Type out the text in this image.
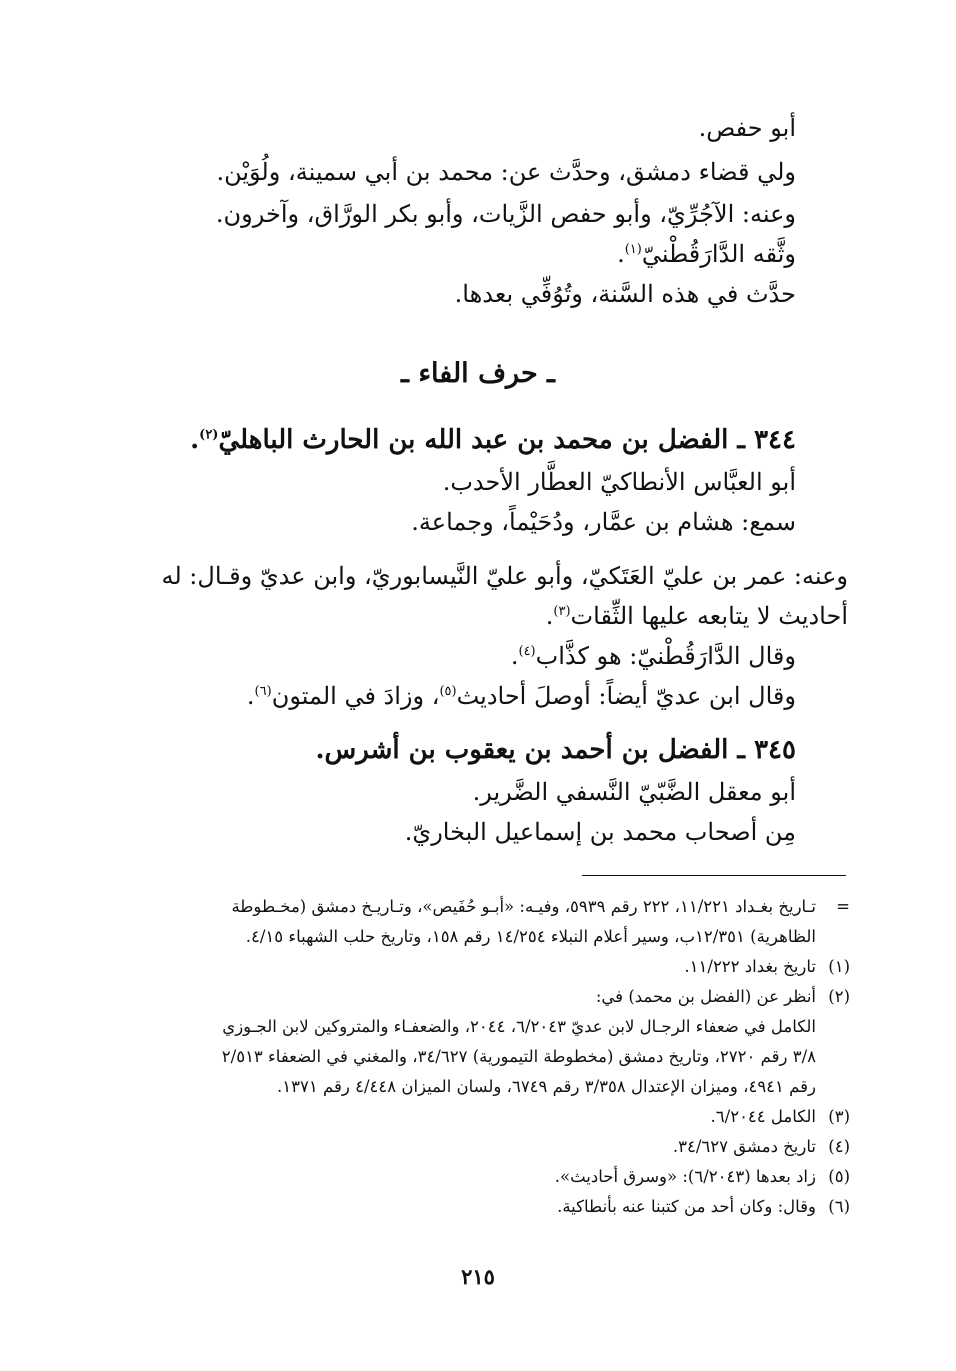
أبو حفص.
ولي قضاء دمشق، وحدَّث عن: محمد بن أبي سمينة، ولُوَيْن.
وعنه: الآجُرِّيّ، وأبو حفص الزَّيات، وأبو بكر الورَّاق، وآخرون.
وثَّقه الدَّارَقُطْنيّ$^{(١)}$.
حدَّث في هذه السَّنة، وتُوُفِّي بعدها.
ـ حرف الفاء ـ
٣٤٤ ـ الفضل بن محمد بن عبد الله بن الحارث الباهليّ$^{(٢)}$.
أبو العبَّاس الأنطاكيّ العطَّار الأحدب.
سمع: هشام بن عمَّار، ودُحَيْماً، وجماعة.
وعنه: عمر بن عليّ العَتَكيّ، وأبو عليّ النَّيسابوريّ، وابن عديّ وقـال: له
أحاديث لا يتابعه عليها الثِّقات$^{(٣)}$.
وقال الدَّارَقُطْنيّ: هو كذَّاب$^{(٤)}$.
وقال ابن عديّ أيضاً: أوصلَ أحاديث$^{(٥)}$، وزادَ في المتون$^{(٦)}$.
٣٤٥ ـ الفضل بن أحمد بن يعقوب بن أشرس.
أبو معقل الضَّبّيّ النَّسفي الضَّرير.
مِن أصحاب محمد بن إسماعيل البخاريّ.
=تـاريخ بغـداد ١١/٢٢١، ٢٢٢ رقم ٥٩٣٩، وفيـه: «أبـو حُفَيص»، وتـاريـخ دمشق (مخـطوطة
الظاهرية) ١٢/٣٥١ب، وسير أعلام النبلاء ١٤/٢٥٤ رقم ١٥٨، وتاريخ حلب الشهباء ٤/١٥.
(١)تاريخ بغداد ١١/٢٢٢.
(٢)أنظر عن (الفضل بن محمد) في:
الكامل في ضعفاء الرجـال لابن عديّ ٦/٢٠٤٣، ٢٠٤٤، والضعفـاء والمتروكين لابن الجـوزي
٣/٨ رقم ٢٧٢٠، وتاريخ دمشق (مخطوطة التيمورية) ٣٤/٦٢٧، والمغني في الضعفاء ٢/٥١٣
رقم ٤٩٤١، وميزان الإعتدال ٣/٣٥٨ رقم ٦٧٤٩، ولسان الميزان ٤/٤٤٨ رقم ١٣٧١.
(٣)الكامل ٦/٢٠٤٤.
(٤)تاريخ دمشق ٣٤/٦٢٧.
(٥)زاد بعدها (٦/٢٠٤٣): «وسرق أحاديث».
(٦)وقال: وكان أحد من كتبنا عنه بأنطاكية.
٢١٥
